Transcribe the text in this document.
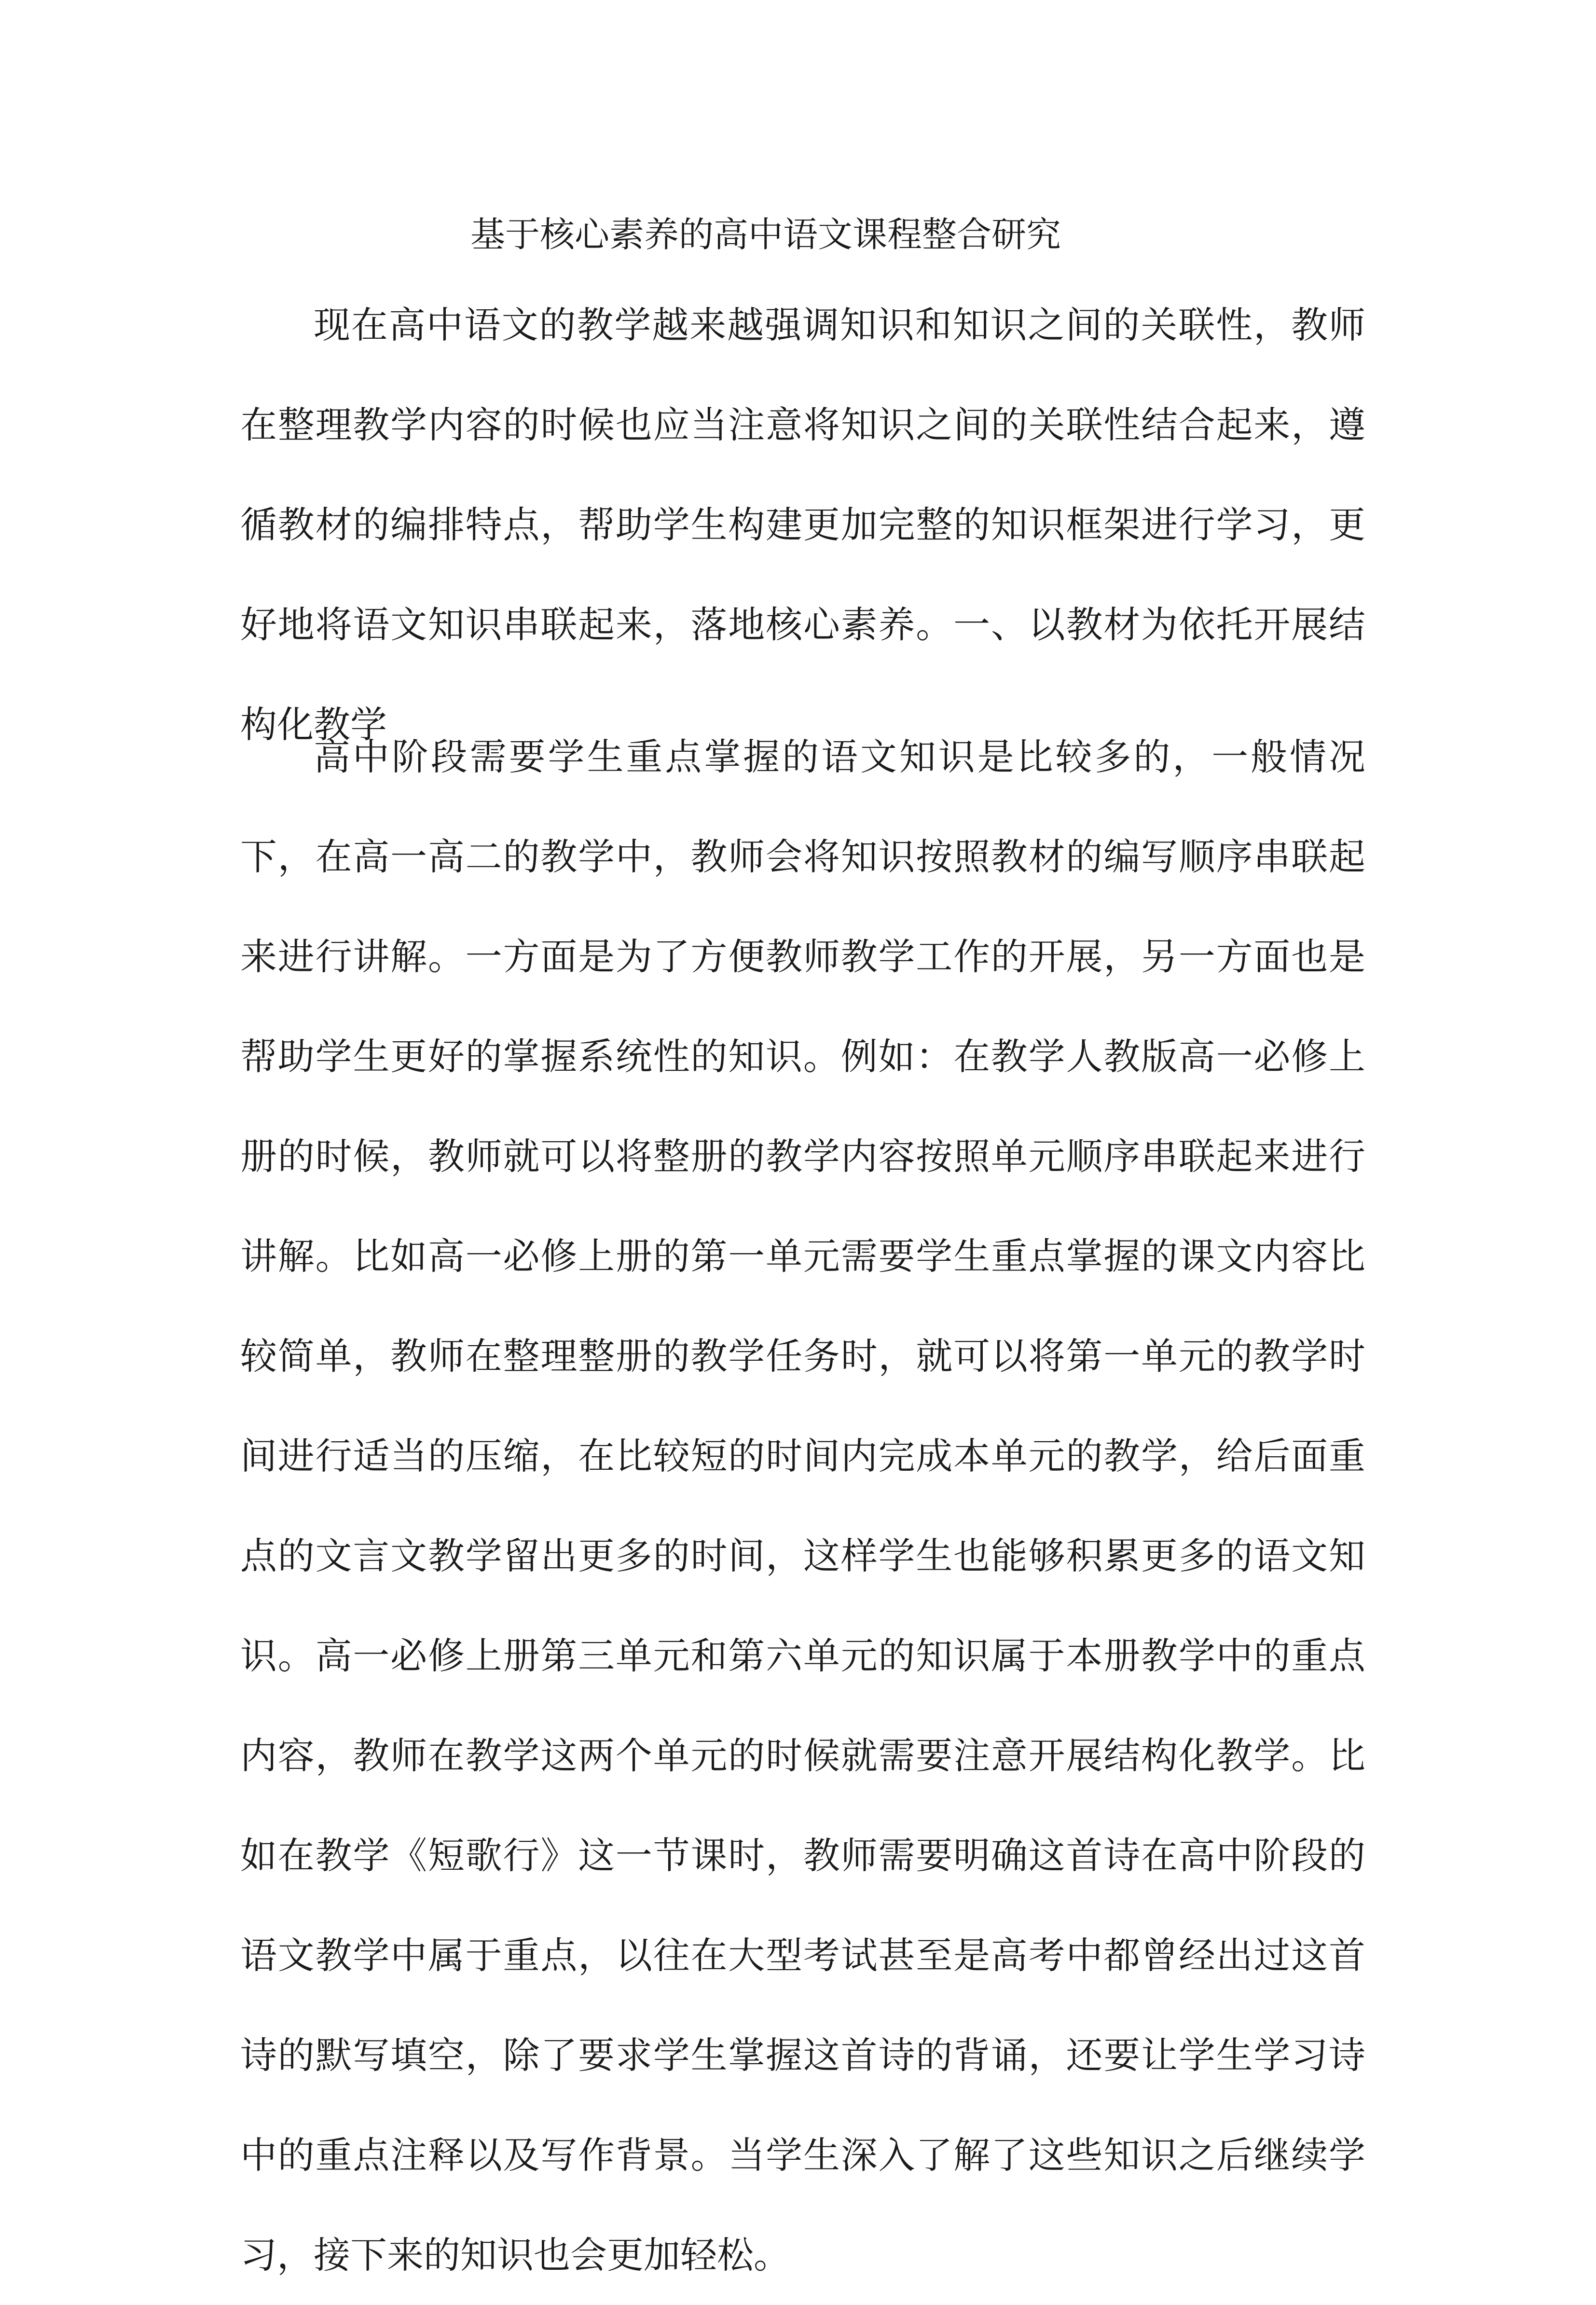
基于核心素养的高中语文课程整合研究

现在高中语文的教学越来越强调知识和知识之间的关联性，教师在整理教学内容的时候也应当注意将知识之间的关联性结合起来，遵循教材的编排特点，帮助学生构建更加完整的知识框架进行学习，更好地将语文知识串联起来，落地核心素养。一、以教材为依托开展结构化教学

高中阶段需要学生重点掌握的语文知识是比较多的，一般情况下，在高一高二的教学中，教师会将知识按照教材的编写顺序串联起来进行讲解。一方面是为了方便教师教学工作的开展，另一方面也是帮助学生更好的掌握系统性的知识。例如：在教学人教版高一必修上册的时候，教师就可以将整册的教学内容按照单元顺序串联起来进行讲解。比如高一必修上册的第一单元需要学生重点掌握的课文内容比较简单，教师在整理整册的教学任务时，就可以将第一单元的教学时间进行适当的压缩，在比较短的时间内完成本单元的教学，给后面重点的文言文教学留出更多的时间，这样学生也能够积累更多的语文知识。高一必修上册第三单元和第六单元的知识属于本册教学中的重点内容，教师在教学这两个单元的时候就需要注意开展结构化教学。比如在教学《短歌行》这一节课时，教师需要明确这首诗在高中阶段的语文教学中属于重点，以往在大型考试甚至是高考中都曾经出过这首诗的默写填空，除了要求学生掌握这首诗的背诵，还要让学生学习诗中的重点注释以及写作背景。当学生深入了解了这些知识之后继续学习，接下来的知识也会更加轻松。
